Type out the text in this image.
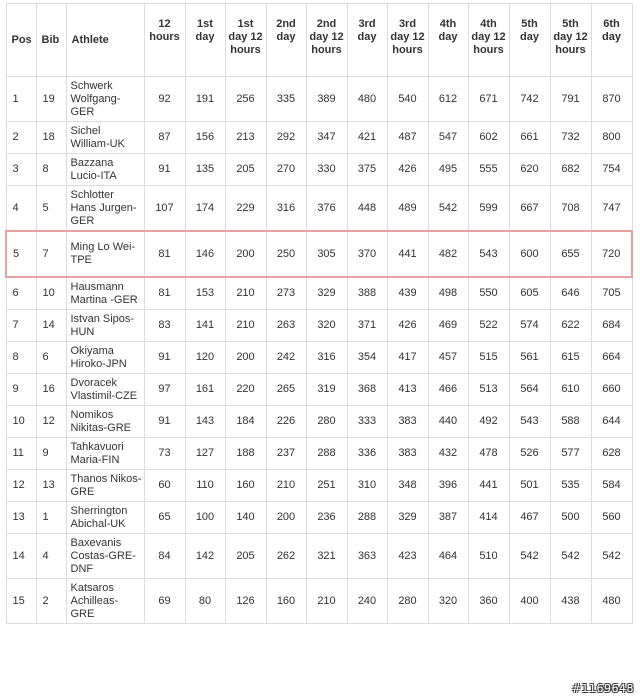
Pos	Bib	Athlete	12 hours	1st day	1st day 12 hours	2nd day	2nd day 12 hours	3rd day	3rd day 12 hours	4th day	4th day 12 hours	5th day	5th day 12 hours	6th day
1	19	Schwerk Wolfgang-GER	92	191	256	335	389	480	540	612	671	742	791	870
2	18	Sichel William-UK	87	156	213	292	347	421	487	547	602	661	732	800
3	8	Bazzana Lucio-ITA	91	135	205	270	330	375	426	495	555	620	682	754
4	5	Schlotter Hans Jurgen-GER	107	174	229	316	376	448	489	542	599	667	708	747
5	7	Ming Lo Wei-TPE	81	146	200	250	305	370	441	482	543	600	655	720
6	10	Hausmann Martina -GER	81	153	210	273	329	388	439	498	550	605	646	705
7	14	Istvan Sipos-HUN	83	141	210	263	320	371	426	469	522	574	622	684
8	6	Okiyama Hiroko-JPN	91	120	200	242	316	354	417	457	515	561	615	664
9	16	Dvoracek Vlastimil-CZE	97	161	220	265	319	368	413	466	513	564	610	660
10	12	Nomikos Nikitas-GRE	91	143	184	226	280	333	383	440	492	543	588	644
11	9	Tahkavuori Maria-FIN	73	127	188	237	288	336	383	432	478	526	577	628
12	13	Thanos Nikos-GRE	60	110	160	210	251	310	348	396	441	501	535	584
13	1	Sherrington Abichal-UK	65	100	140	200	236	288	329	387	414	467	500	560
14	4	Baxevanis Costas-GRE-DNF	84	142	205	262	321	363	423	464	510	542	542	542
15	2	Katsaros Achilleas-GRE	69	80	126	160	210	240	280	320	360	400	438	480
#1169648
